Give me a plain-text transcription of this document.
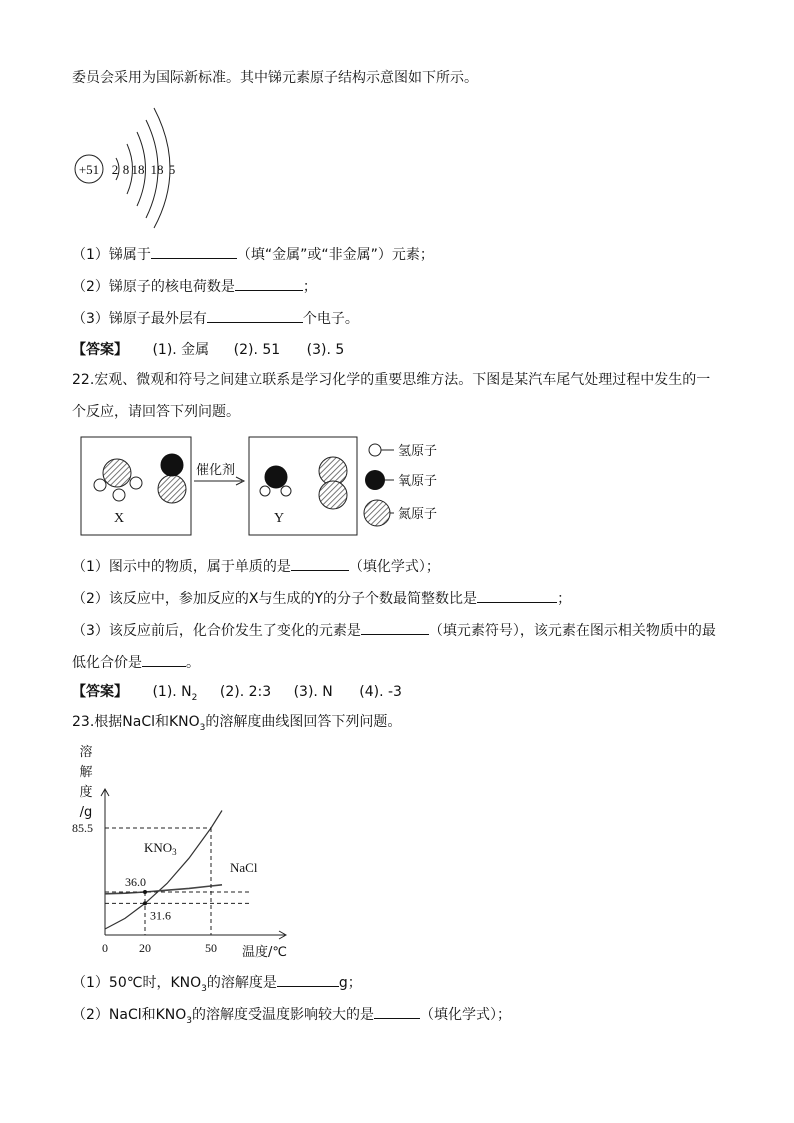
委员会采用为国际新标准。其中锑元素原子结构示意图如下所示。
+51 2 8 18 18 5
（1）锑属于	（填“金属”或“非金属”）元素；
（2）锑原子的核电荷数是	；
（3）锑原子最外层有	个电子。
【答案】 (1). 金属 (2). 51 (3). 5
22.宏观、微观和符号之间建立联系是学习化学的重要思维方法。下图是某汽车尾气处理过程中发生的一
个反应，请回答下列问题。
X
催化剂
Y
氢原子
氧原子
氮原子
（1）图示中的物质，属于单质的是	（填化学式）；
（2）该反应中，参加反应的X与生成的Y的分子个数最简整数比是	；
（3）该反应前后，化合价发生了变化的元素是	（填元素符号），该元素在图示相关物质中的最
低化合价是	。
【答案】 (1). $N_2$ (2). 2:3 (3). N (4). -3
23.根据NaCl和$KNO_3$的溶解度曲线图回答下列问题。
溶
解
度
/g
温度/℃
0	20	50
85.5
36.0
31.6
$KNO_3$
NaCl
（1）50℃时，$KNO_3$的溶解度是	g；
（2）NaCl和$KNO_3$的溶解度受温度影响较大的是	（填化学式）；
